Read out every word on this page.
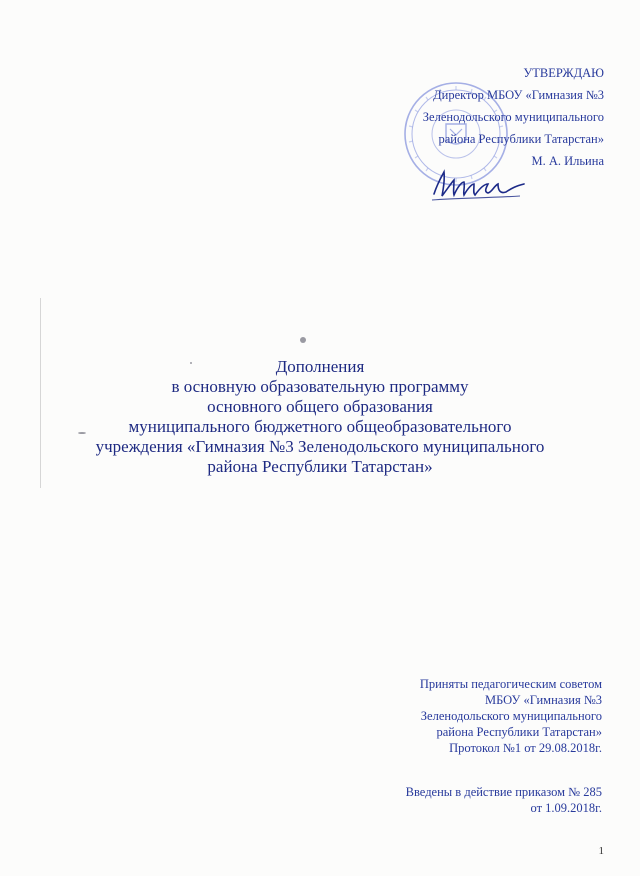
УТВЕРЖДАЮ
Директор МБОУ «Гимназия №3
Зеленодольского муниципального
района Республики Татарстан»
М. А. Ильина
Дополнения
в основную образовательную программу
основного общего образования
муниципального бюджетного общеобразовательного
учреждения «Гимназия №3 Зеленодольского муниципального
района Республики Татарстан»
Приняты педагогическим советом
МБОУ «Гимназия №3
Зеленодольского муниципального
района Республики Татарстан»
Протокол №1 от 29.08.2018г.
Введены в действие приказом № 285
от 1.09.2018г.
1
